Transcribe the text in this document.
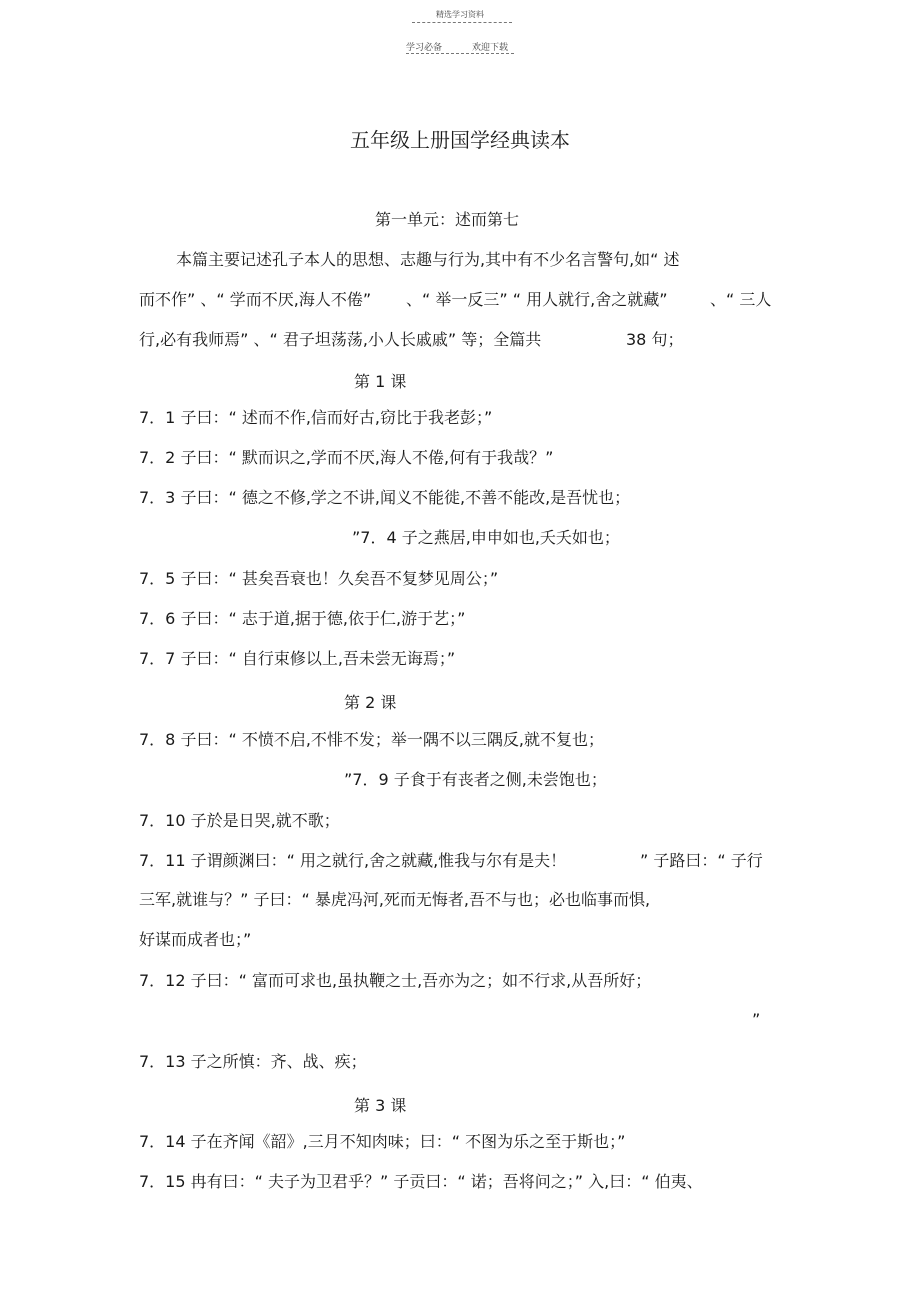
精选学习资料
学习必备	欢迎下载
五年级上册国学经典读本
第一单元：述而第七
本篇主要记述孔子本人的思想、志趣与行为,其中有不少名言警句,如“ 述
而不作” 、“ 学而不厌,海人不倦” 、“ 举一反三” “ 用人就行,舍之就藏”	、“ 三人
行,必有我师焉” 、“ 君子坦荡荡,小人长戚戚” 等；全篇共	38 句；
第 1 课
7．1 子曰：“ 述而不作,信而好古,窃比于我老彭；”
7．2 子曰：“ 默而识之,学而不厌,海人不倦,何有于我哉？”
7．3 子曰：“ 德之不修,学之不讲,闻义不能徙,不善不能改,是吾忧也；
”7．4 子之燕居,申申如也,夭夭如也；
7．5 子曰：“ 甚矣吾衰也！久矣吾不复梦见周公；”
7．6 子曰：“ 志于道,据于德,依于仁,游于艺；”
7．7 子曰：“ 自行束修以上,吾未尝无诲焉；”
第 2 课
7．8 子曰：“ 不愤不启,不悱不发；举一隅不以三隅反,就不复也；
”7．9 子食于有丧者之侧,未尝饱也；
7．10 子於是日哭,就不歌；
7．11 子谓颜渊曰：“ 用之就行,舍之就藏,惟我与尔有是夫！	” 子路曰：“ 子行
三军,就谁与？” 子曰：“ 暴虎冯河,死而无悔者,吾不与也；必也临事而惧,
好谋而成者也；”
7．12 子曰：“ 富而可求也,虽执鞭之士,吾亦为之；如不行求,从吾所好；
”
7．13 子之所慎：齐、战、疾；
第 3 课
7．14 子在齐闻《韶》,三月不知肉味；曰：“ 不图为乐之至于斯也；”
7．15 冉有曰：“ 夫子为卫君乎？” 子贡曰：“ 诺；吾将问之；” 入,曰：“ 伯夷、
